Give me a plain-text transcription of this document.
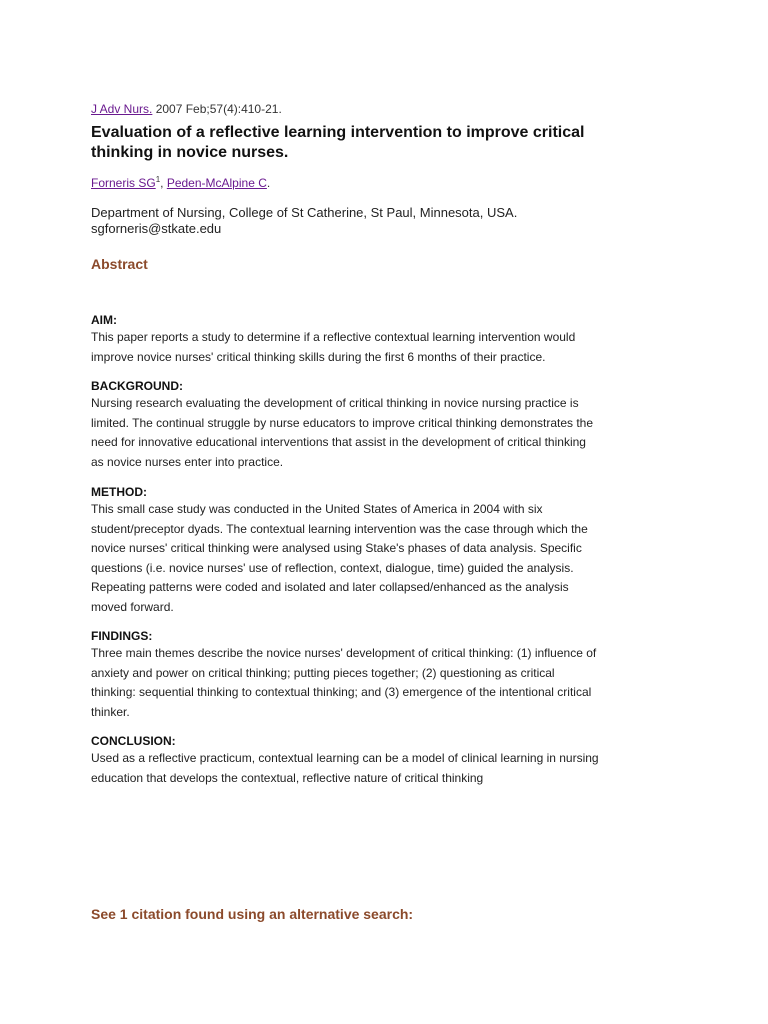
J Adv Nurs. 2007 Feb;57(4):410-21.
Evaluation of a reflective learning intervention to improve critical
thinking in novice nurses.
Forneris $SG^1$, Peden-McAlpine C.
Department of Nursing, College of St Catherine, St Paul, Minnesota, USA.
sgforneris@stkate.edu
Abstract
AIM:
This paper reports a study to determine if a reflective contextual learning intervention would
improve novice nurses' critical thinking skills during the first 6 months of their practice.
BACKGROUND:
Nursing research evaluating the development of critical thinking in novice nursing practice is
limited. The continual struggle by nurse educators to improve critical thinking demonstrates the
need for innovative educational interventions that assist in the development of critical thinking
as novice nurses enter into practice.
METHOD:
This small case study was conducted in the United States of America in 2004 with six
student/preceptor dyads. The contextual learning intervention was the case through which the
novice nurses' critical thinking were analysed using Stake's phases of data analysis. Specific
questions (i.e. novice nurses' use of reflection, context, dialogue, time) guided the analysis.
Repeating patterns were coded and isolated and later collapsed/enhanced as the analysis
moved forward.
FINDINGS:
Three main themes describe the novice nurses' development of critical thinking: (1) influence of
anxiety and power on critical thinking; putting pieces together; (2) questioning as critical
thinking: sequential thinking to contextual thinking; and (3) emergence of the intentional critical
thinker.
CONCLUSION:
Used as a reflective practicum, contextual learning can be a model of clinical learning in nursing
education that develops the contextual, reflective nature of critical thinking
See 1 citation found using an alternative search:
